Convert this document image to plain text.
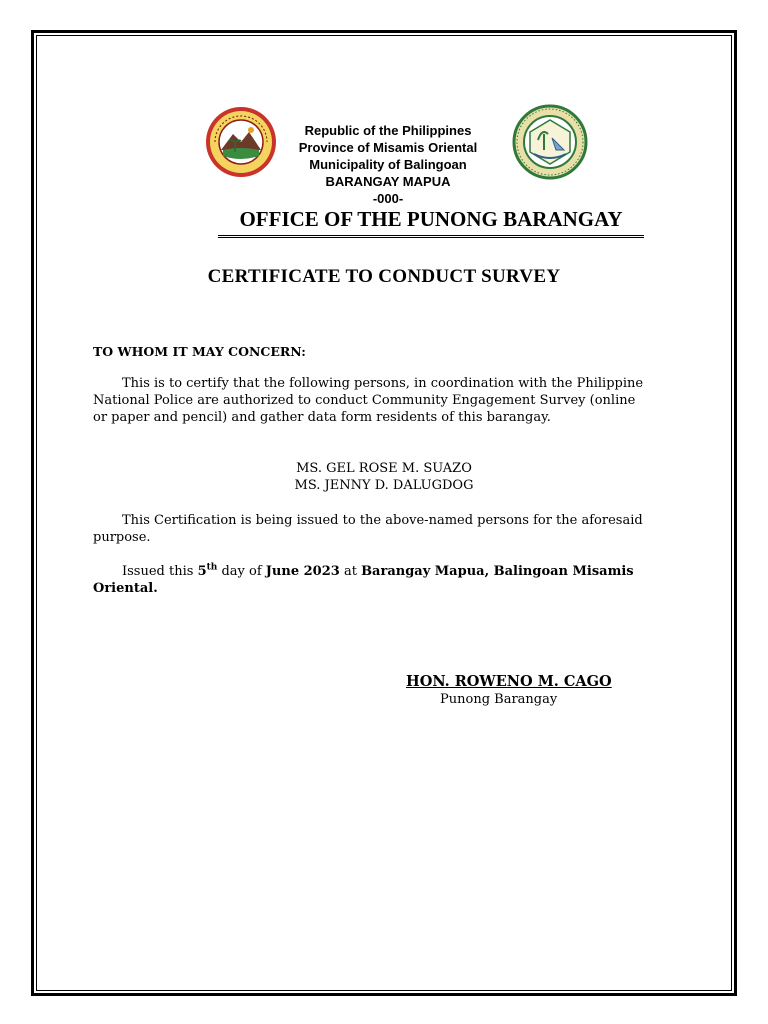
Republic of the Philippines
Province of Misamis Oriental
Municipality of Balingoan
BARANGAY MAPUA
-000-
OFFICE OF THE PUNONG BARANGAY
CERTIFICATE TO CONDUCT SURVEY
TO WHOM IT MAY CONCERN:
This is to certify that the following persons, in coordination with the Philippine National Police are authorized to conduct Community Engagement Survey (online or paper and pencil) and gather data form residents of this barangay.
MS. GEL ROSE M. SUAZO
MS. JENNY D. DALUGDOG
This Certification is being issued to the above-named persons for the aforesaid purpose.
Issued this 5th day of June 2023 at Barangay Mapua, Balingoan Misamis Oriental.
HON. ROWENO M. CAGO
Punong Barangay
